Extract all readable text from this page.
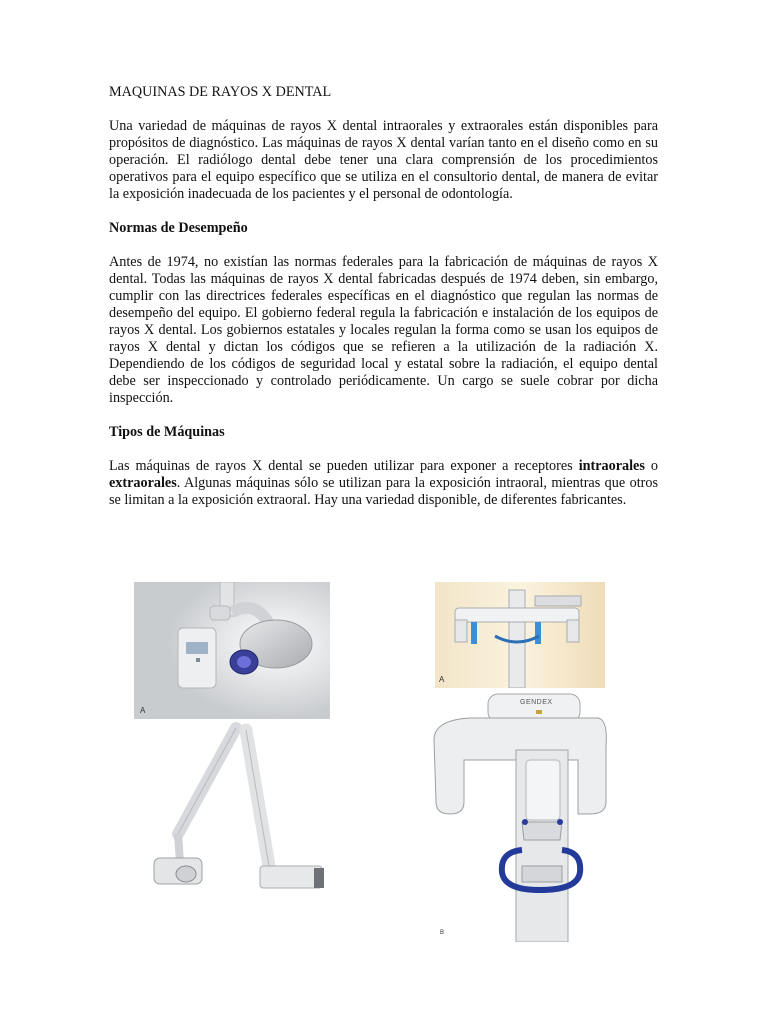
MAQUINAS DE RAYOS X DENTAL

Una variedad de máquinas de rayos X dental intraorales y extraorales están disponibles para propósitos de diagnóstico. Las máquinas de rayos X dental varían tanto en el diseño como en su operación. El radiólogo dental debe tener una clara comprensión de los procedimientos operativos para el equipo específico que se utiliza en el consultorio dental, de manera de evitar la exposición inadecuada de los pacientes y el personal de odontología.

Normas de Desempeño

Antes de 1974, no existían las normas federales para la fabricación de máquinas de rayos X dental. Todas las máquinas de rayos X dental fabricadas después de 1974 deben, sin embargo, cumplir con las directrices federales específicas en el diagnóstico que regulan las normas de desempeño del equipo. El gobierno federal regula la fabricación e instalación de los equipos de rayos X dental. Los gobiernos estatales y locales regulan la forma como se usan los equipos de rayos X dental y dictan los códigos que se refieren a la utilización de la radiación X. Dependiendo de los códigos de seguridad local y estatal sobre la radiación, el equipo dental debe ser inspeccionado y controlado periódicamente. Un cargo se suele cobrar por dicha inspección.

Tipos de Máquinas

Las máquinas de rayos X dental se pueden utilizar para exponer a receptores intraorales o extraorales. Algunas máquinas sólo se utilizan para la exposición intraoral, mientras que otros se limitan a la exposición extraoral. Hay una variedad disponible, de diferentes fabricantes.

A
A
GENDEX
B
